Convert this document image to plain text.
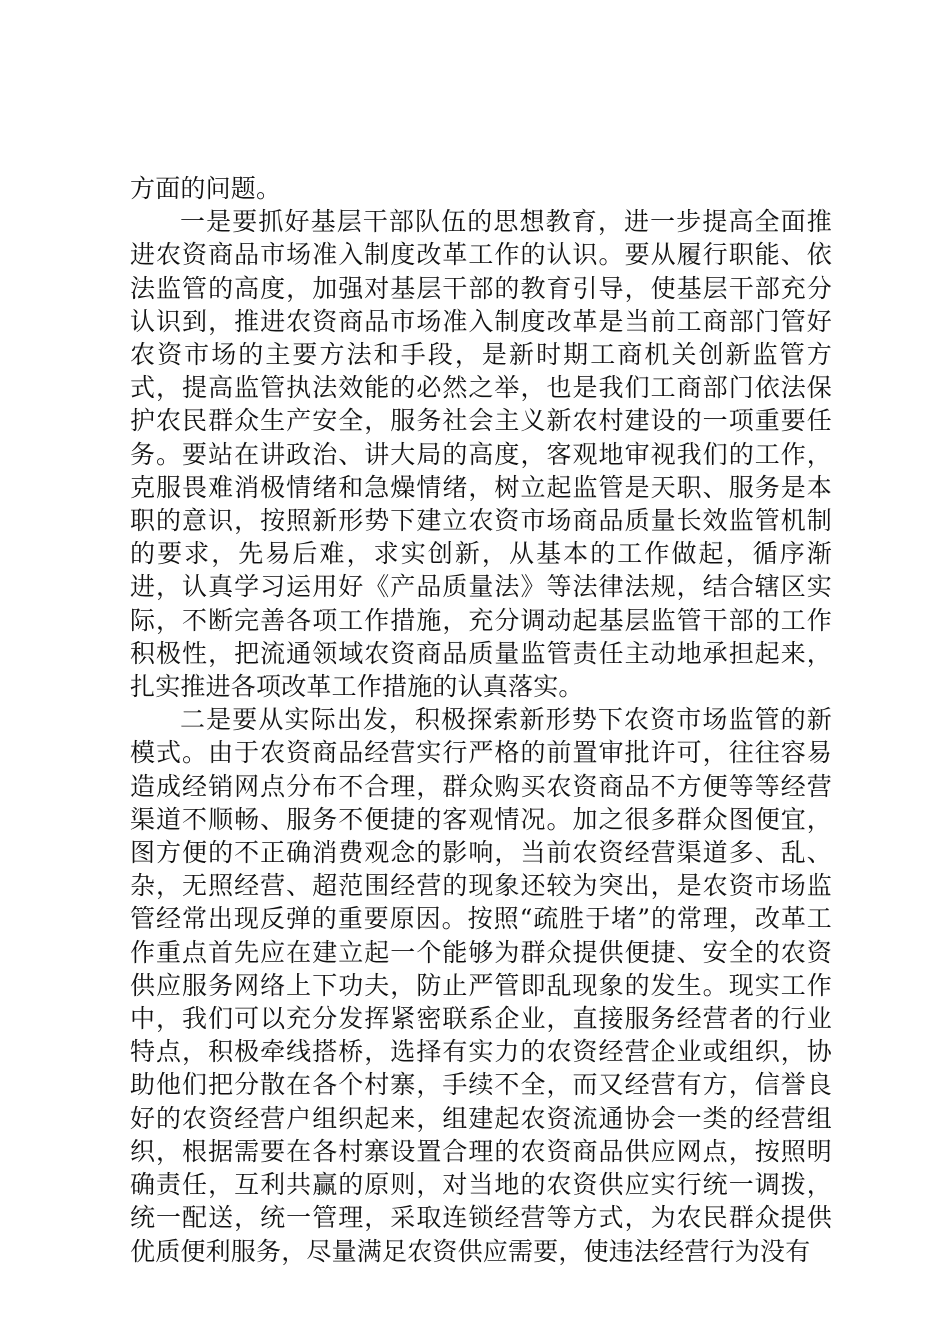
方面的问题。

一是要抓好基层干部队伍的思想教育，进一步提高全面推进农资商品市场准入制度改革工作的认识。要从履行职能、依法监管的高度，加强对基层干部的教育引导，使基层干部充分认识到，推进农资商品市场准入制度改革是当前工商部门管好农资市场的主要方法和手段，是新时期工商机关创新监管方式，提高监管执法效能的必然之举，也是我们工商部门依法保护农民群众生产安全，服务社会主义新农村建设的一项重要任务。要站在讲政治、讲大局的高度，客观地审视我们的工作，克服畏难消极情绪和急燥情绪，树立起监管是天职、服务是本职的意识，按照新形势下建立农资市场商品质量长效监管机制的要求，先易后难，求实创新，从基本的工作做起，循序渐进，认真学习运用好《产品质量法》等法律法规，结合辖区实际，不断完善各项工作措施，充分调动起基层监管干部的工作积极性，把流通领域农资商品质量监管责任主动地承担起来，扎实推进各项改革工作措施的认真落实。

二是要从实际出发，积极探索新形势下农资市场监管的新模式。由于农资商品经营实行严格的前置审批许可，往往容易造成经销网点分布不合理，群众购买农资商品不方便等等经营渠道不顺畅、服务不便捷的客观情况。加之很多群众图便宜，图方便的不正确消费观念的影响，当前农资经营渠道多、乱、杂，无照经营、超范围经营的现象还较为突出，是农资市场监管经常出现反弹的重要原因。按照“疏胜于堵”的常理，改革工作重点首先应在建立起一个能够为群众提供便捷、安全的农资供应服务网络上下功夫，防止严管即乱现象的发生。现实工作中，我们可以充分发挥紧密联系企业，直接服务经营者的行业特点，积极牵线搭桥，选择有实力的农资经营企业或组织，协助他们把分散在各个村寨，手续不全，而又经营有方，信誉良好的农资经营户组织起来，组建起农资流通协会一类的经营组织，根据需要在各村寨设置合理的农资商品供应网点，按照明确责任，互利共赢的原则，对当地的农资供应实行统一调拨，统一配送，统一管理，采取连锁经营等方式，为农民群众提供优质便利服务，尽量满足农资供应需要，使违法经营行为没有
